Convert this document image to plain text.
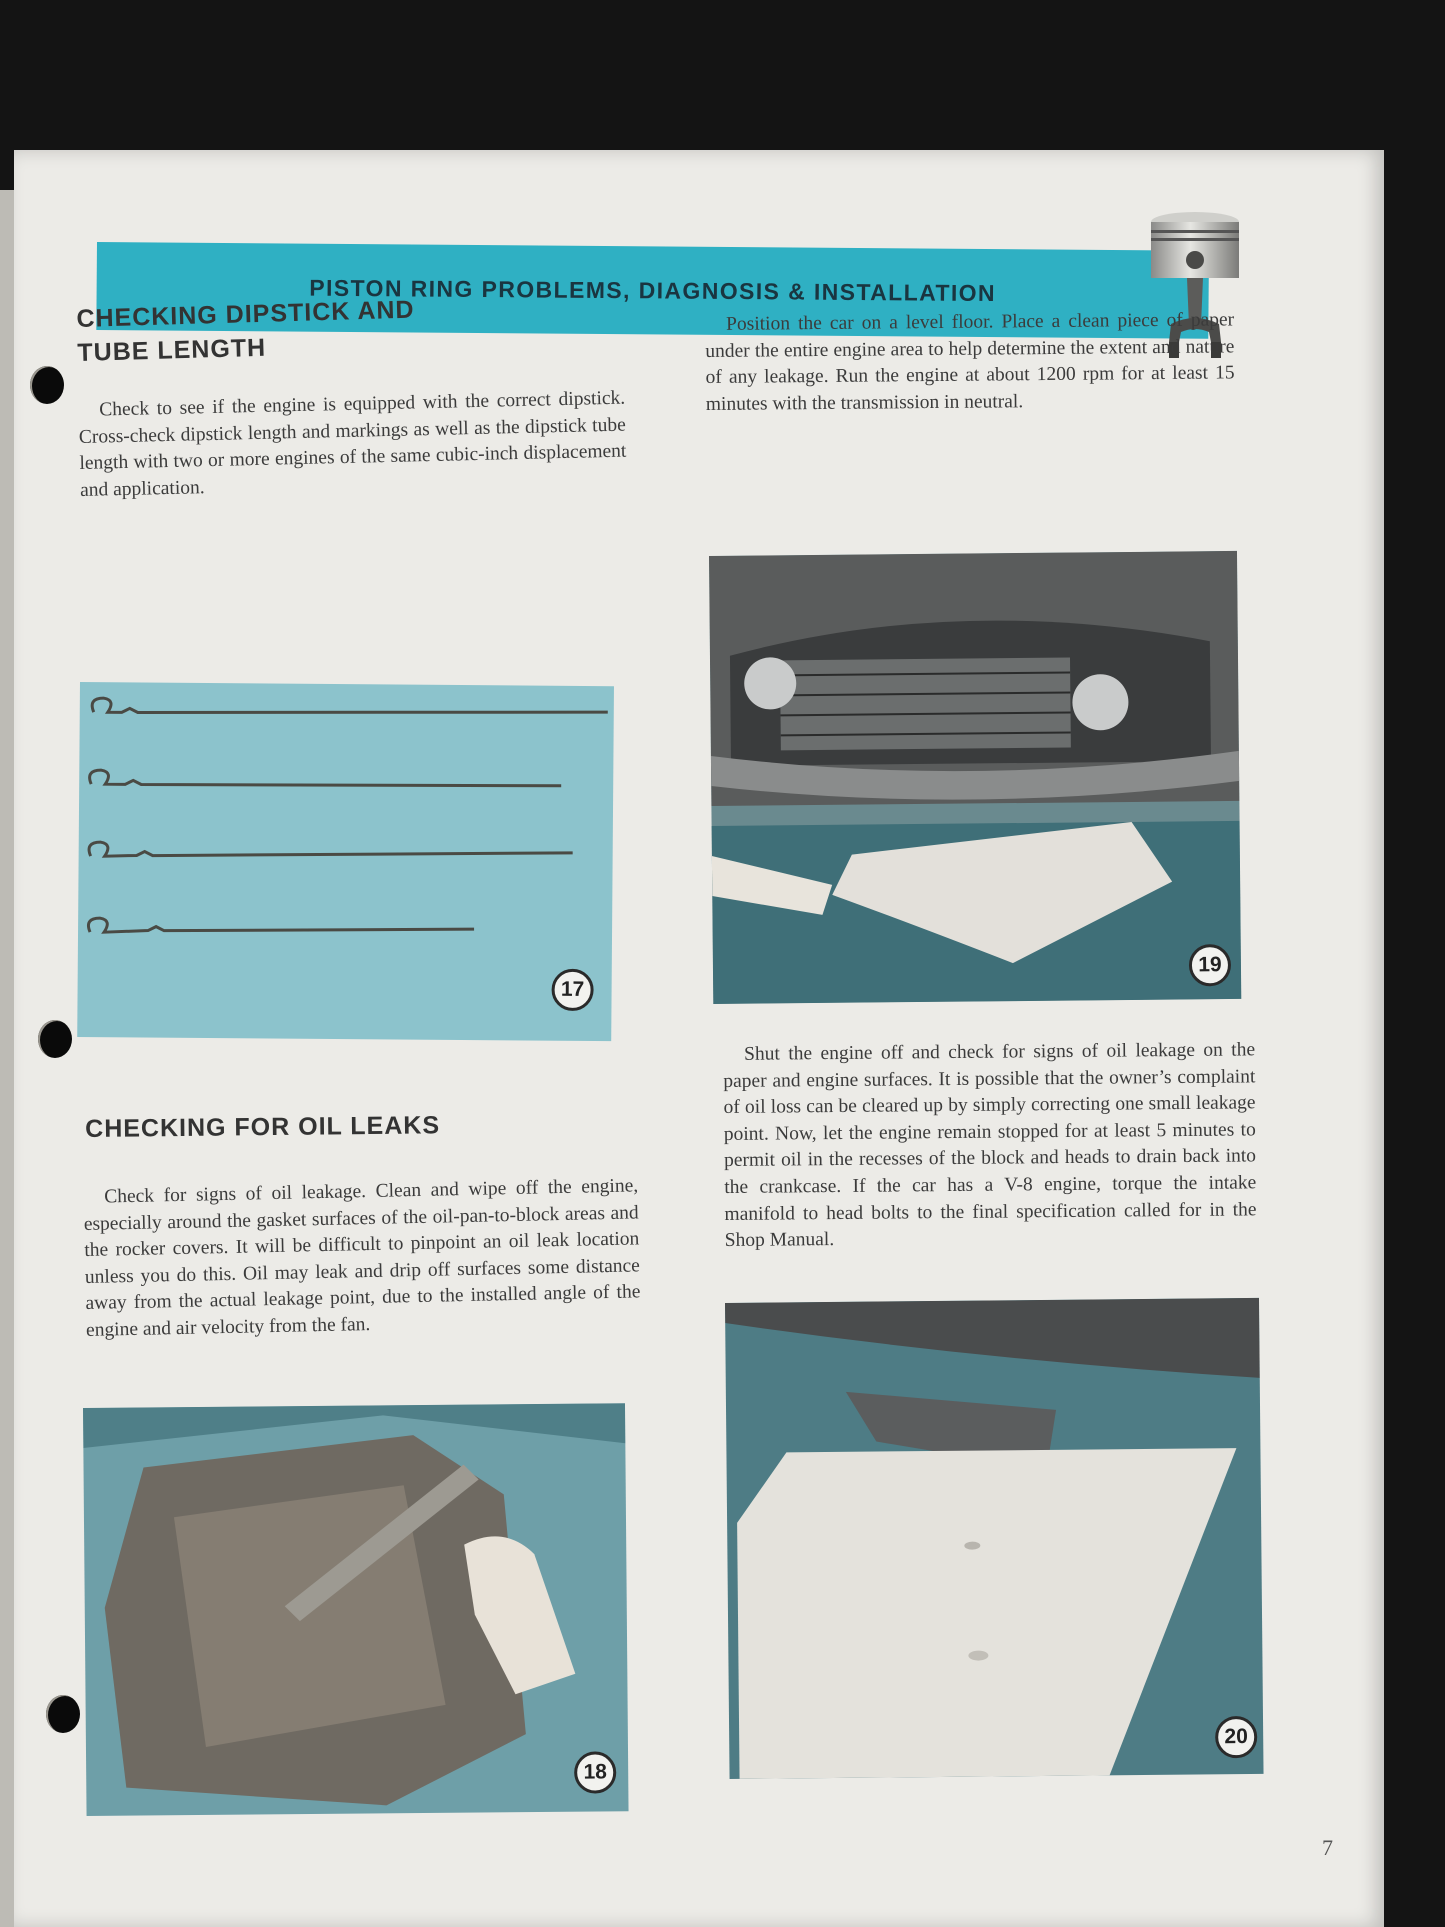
PISTON RING PROBLEMS, DIAGNOSIS & INSTALLATION
CHECKING DIPSTICK AND
TUBE LENGTH
Check to see if the engine is equipped with the correct dipstick. Cross-check dipstick length and markings as well as the dipstick tube length with two or more engines of the same cubic-inch displacement and application.
17
CHECKING FOR OIL LEAKS
Check for signs of oil leakage. Clean and wipe off the engine, especially around the gasket surfaces of the oil-pan-to-block areas and the rocker covers. It will be difficult to pinpoint an oil leak location unless you do this. Oil may leak and drip off surfaces some distance away from the actual leakage point, due to the installed angle of the engine and air velocity from the fan.
18
Position the car on a level floor. Place a clean piece of paper under the entire engine area to help determine the extent and nature of any leakage. Run the engine at about 1200 rpm for at least 15 minutes with the transmission in neutral.
19
Shut the engine off and check for signs of oil leakage on the paper and engine surfaces. It is possible that the owner’s complaint of oil loss can be cleared up by simply correcting one small leakage point. Now, let the engine remain stopped for at least 5 minutes to permit oil in the recesses of the block and heads to drain back into the crankcase. If the car has a V-8 engine, torque the intake manifold to head bolts to the final specification called for in the Shop Manual.
20
7
